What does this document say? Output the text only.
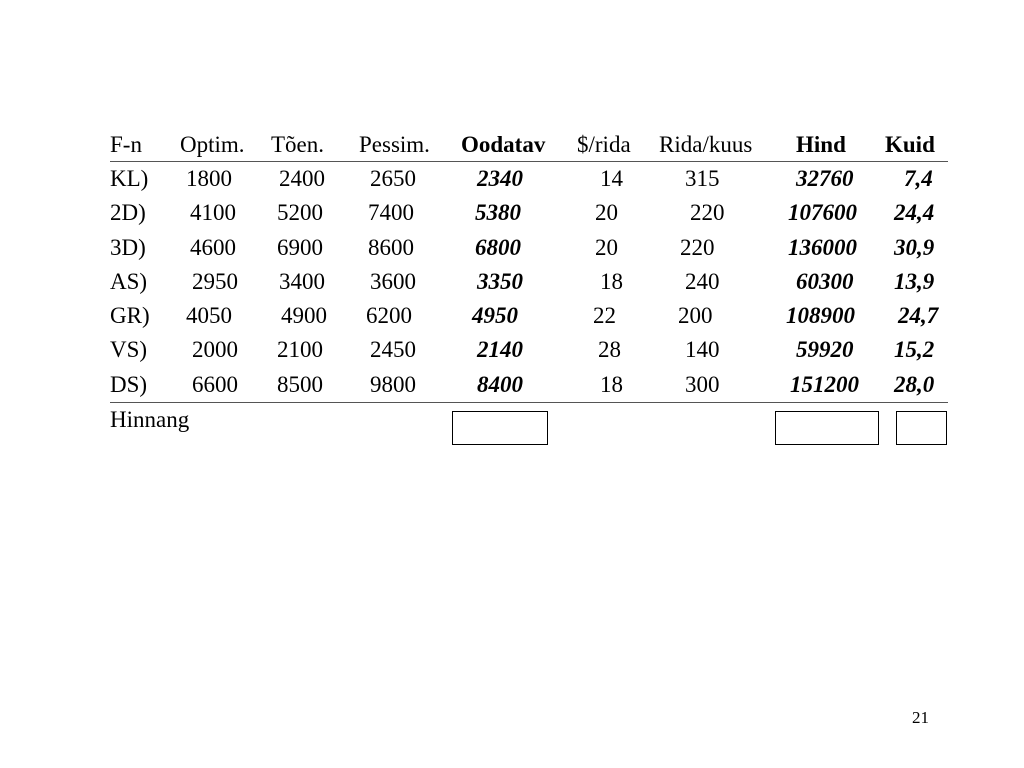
F-n Optim. Tõen. Pessim. Oodatav $/rida Rida/kuus Hind Kuid
KL) 1800 2400 2650	2340	14	315	32760 7,4
2D) 4100 5200 7400	5380	20	220	107600 24,4
3D) 4600 6900 8600	6800	20	220	136000 30,9
AS) 2950 3400 3600	3350	18	240	60300 13,9
GR) 4050 4900 6200	4950	22	200	108900 24,7
VS) 2000 2100 2450	2140	28	140	59920 15,2
DS) 6600 8500 9800	8400	18	300	151200 28,0
Hinnang
21
